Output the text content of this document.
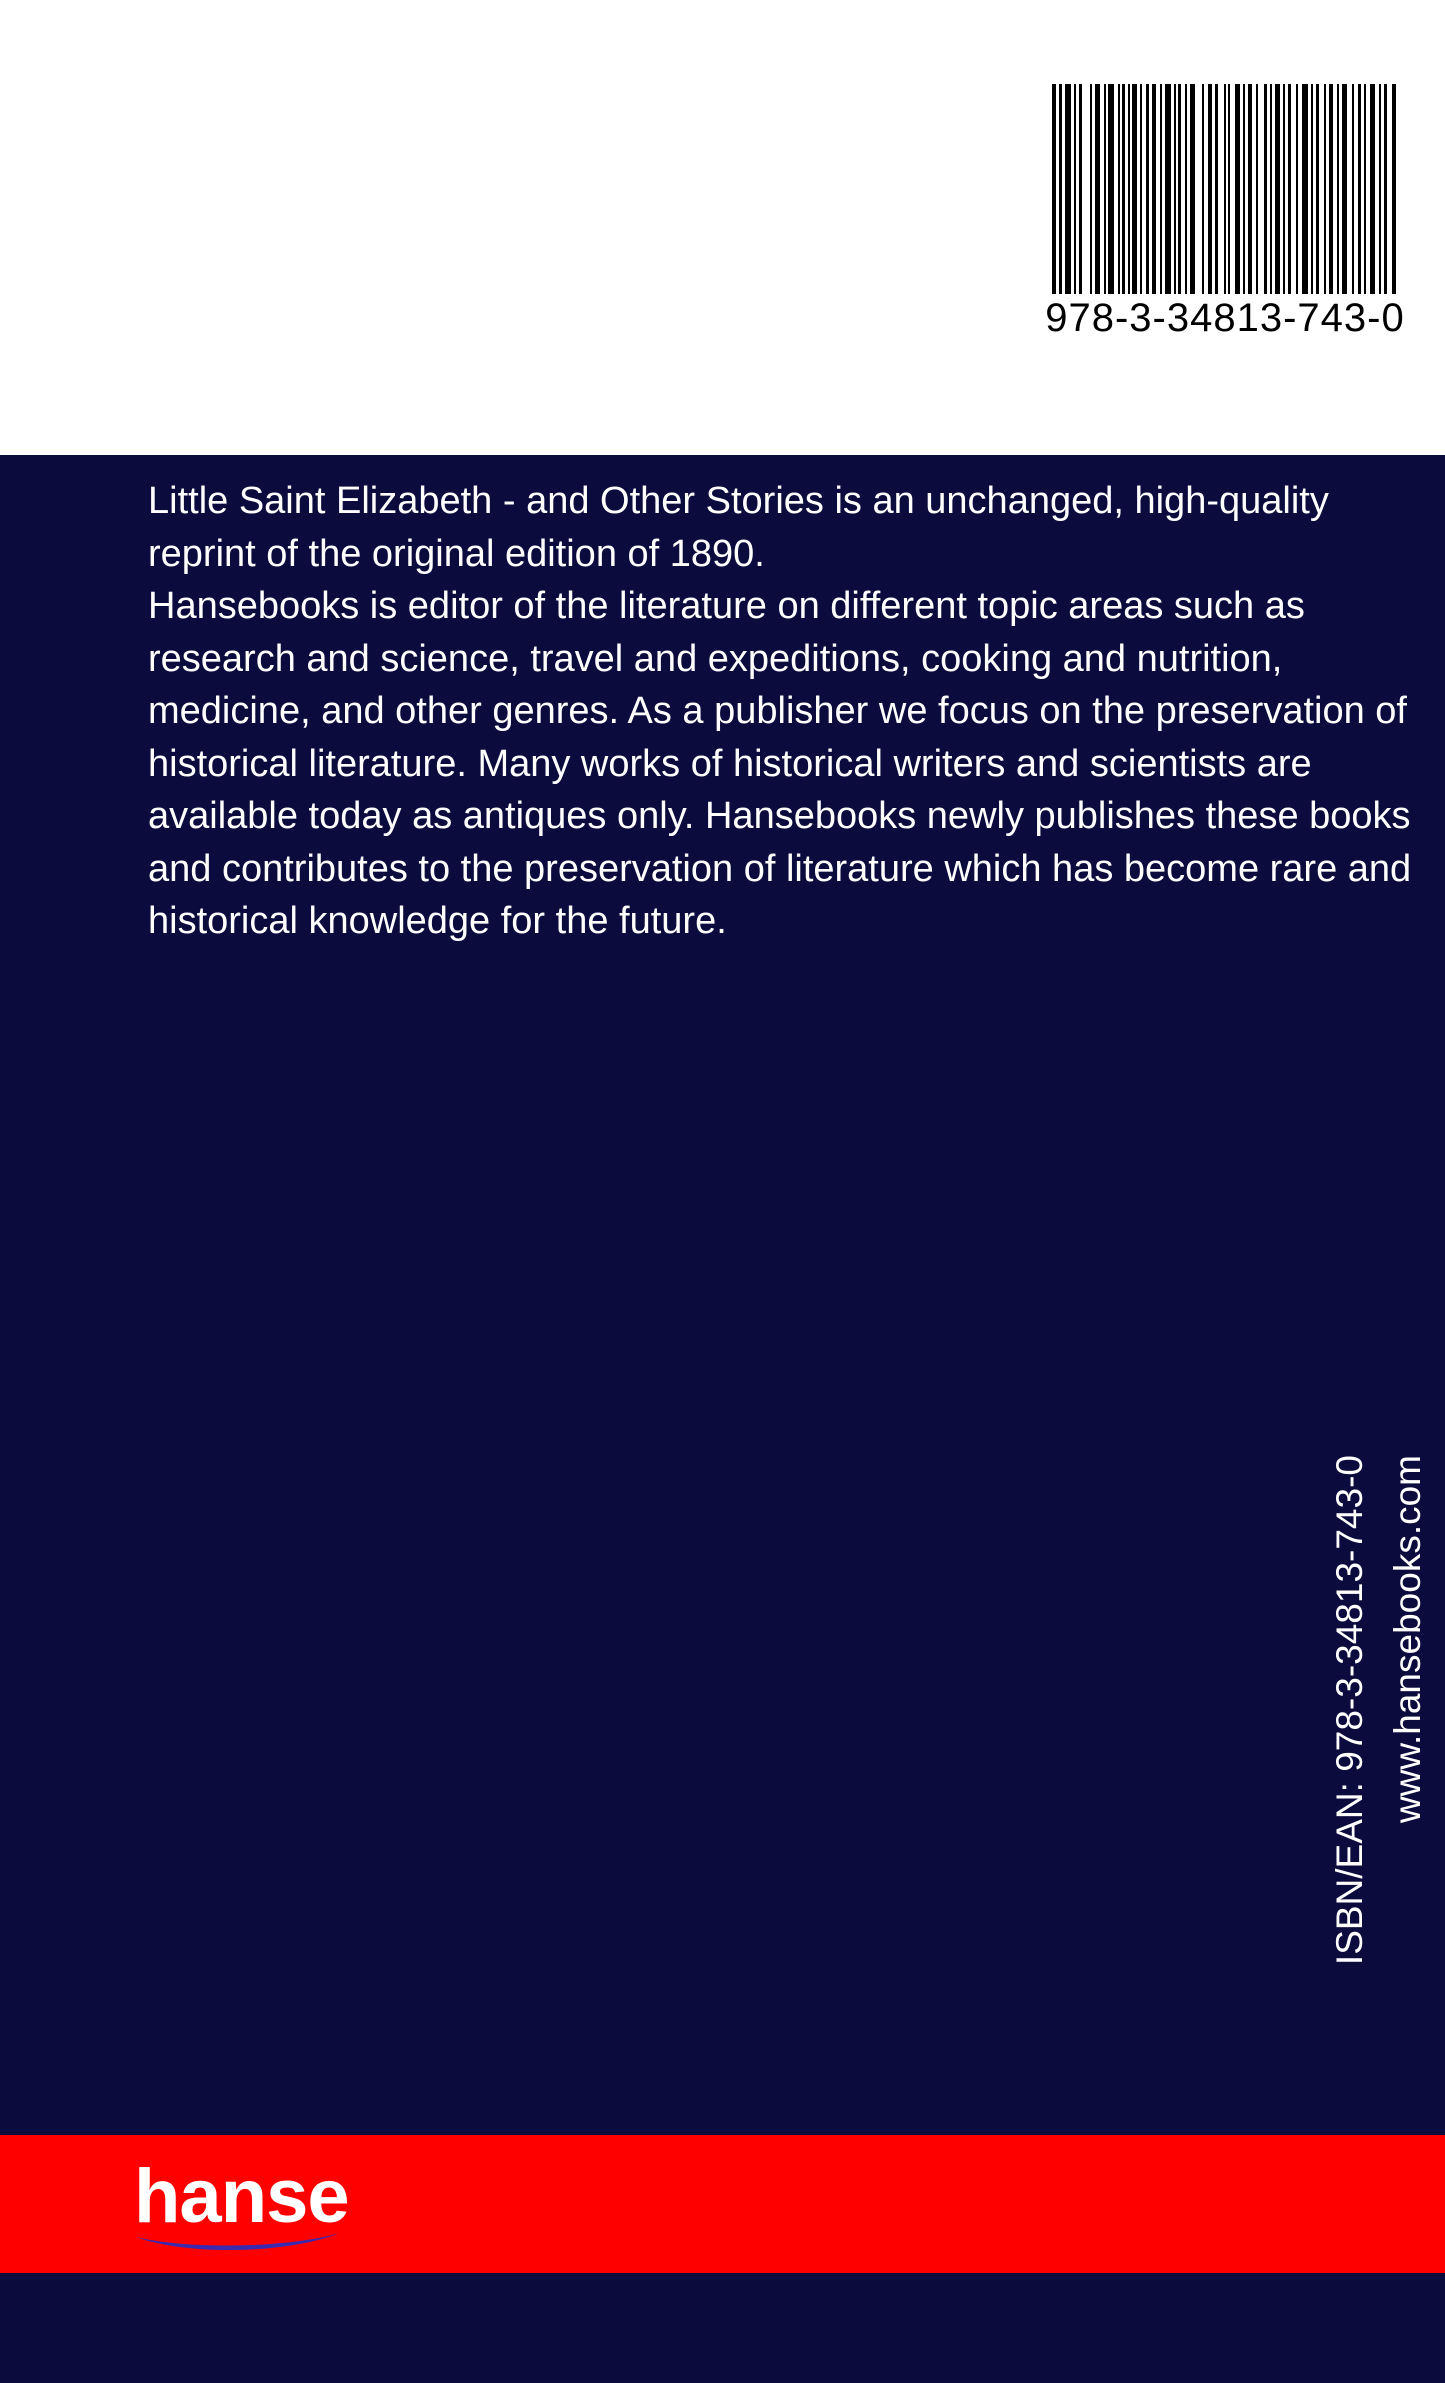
978-3-34813-743-0

Little Saint Elizabeth - and Other Stories is an unchanged, high-quality reprint of the original edition of 1890.

Hansebooks is editor of the literature on different topic areas such as research and science, travel and expeditions, cooking and nutrition, medicine, and other genres. As a publisher we focus on the preservation of historical literature. Many works of historical writers and scientists are available today as antiques only. Hansebooks newly publishes these books and contributes to the preservation of literature which has become rare and historical knowledge for the future.

ISBN/EAN: 978-3-34813-743-0 www.hansebooks.com
hanse
